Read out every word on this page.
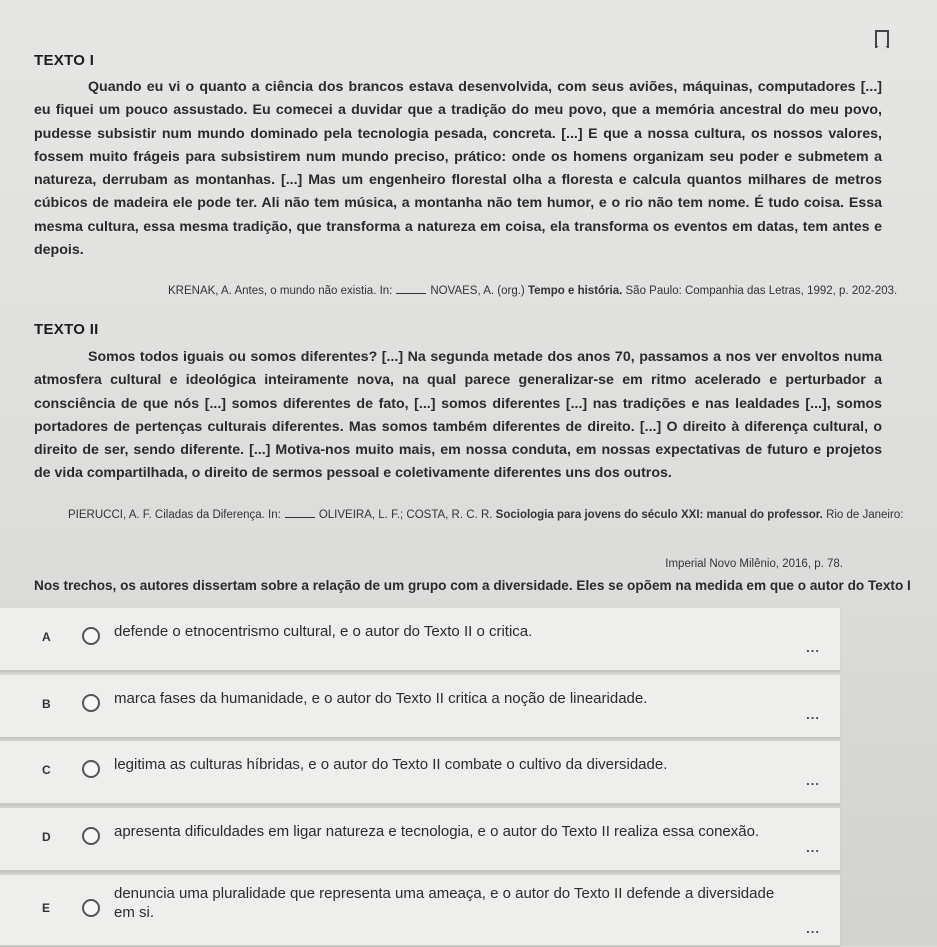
TEXTO I
Quando eu vi o quanto a ciência dos brancos estava desenvolvida, com seus aviões, máquinas, computadores [...] eu fiquei um pouco assustado. Eu comecei a duvidar que a tradição do meu povo, que a memória ancestral do meu povo, pudesse subsistir num mundo dominado pela tecnologia pesada, concreta. [...] E que a nossa cultura, os nossos valores, fossem muito frágeis para subsistirem num mundo preciso, prático: onde os homens organizam seu poder e submetem a natureza, derrubam as montanhas. [...] Mas um engenheiro florestal olha a floresta e calcula quantos milhares de metros cúbicos de madeira ele pode ter. Ali não tem música, a montanha não tem humor, e o rio não tem nome. É tudo coisa. Essa mesma cultura, essa mesma tradição, que transforma a natureza em coisa, ela transforma os eventos em datas, tem antes e depois.
KRENAK, A. Antes, o mundo não existia. In:	NOVAES, A. (org.) Tempo e história. São Paulo: Companhia das Letras, 1992, p. 202-203.
TEXTO II
Somos todos iguais ou somos diferentes? [...] Na segunda metade dos anos 70, passamos a nos ver envoltos numa atmosfera cultural e ideológica inteiramente nova, na qual parece generalizar-se em ritmo acelerado e perturbador a consciência de que nós [...] somos diferentes de fato, [...] somos diferentes [...] nas tradições e nas lealdades [...], somos portadores de pertenças culturais diferentes. Mas somos também diferentes de direito. [...] O direito à diferença cultural, o direito de ser, sendo diferente. [...] Motiva-nos muito mais, em nossa conduta, em nossas expectativas de futuro e projetos de vida compartilhada, o direito de sermos pessoal e coletivamente diferentes uns dos outros.
PIERUCCI, A. F. Ciladas da Diferença. In:	OLIVEIRA, L. F.; COSTA, R. C. R. Sociologia para jovens do século XXI: manual do professor. Rio de Janeiro:
Imperial Novo Milênio, 2016, p. 78.
Nos trechos, os autores dissertam sobre a relação de um grupo com a diversidade. Eles se opõem na medida em que o autor do Texto I
A	defende o etnocentrismo cultural, e o autor do Texto II o critica.
...
B	marca fases da humanidade, e o autor do Texto II critica a noção de linearidade.
...
C	legitima as culturas híbridas, e o autor do Texto II combate o cultivo da diversidade.
...
D	apresenta dificuldades em ligar natureza e tecnologia, e o autor do Texto II realiza essa conexão.
...
E
denuncia uma pluralidade que representa uma ameaça, e o autor do Texto II defende a diversidade em si.
...
